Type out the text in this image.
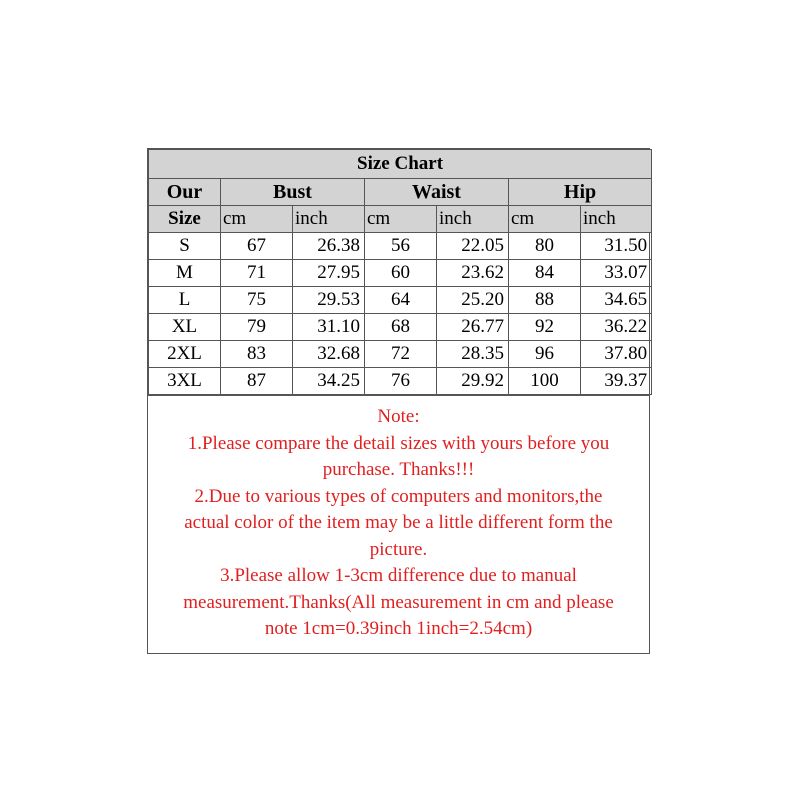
Size Chart						
Our	Bust		Waist		Hip	
Size	cm	inch	cm	inch	cm	inch
S	67	26.38	56	22.05	80	31.50
M	71	27.95	60	23.62	84	33.07
L	75	29.53	64	25.20	88	34.65
XL	79	31.10	68	26.77	92	36.22
2XL	83	32.68	72	28.35	96	37.80
3XL	87	34.25	76	29.92	100	39.37
Note:
1.Please compare the detail sizes with yours before you
purchase. Thanks!!!
2.Due to various types of computers and monitors,the
actual color of the item may be a little different form the
picture.
3.Please allow 1-3cm difference due to manual
measurement.Thanks(All measurement in cm and please
note 1cm=0.39inch 1inch=2.54cm)
